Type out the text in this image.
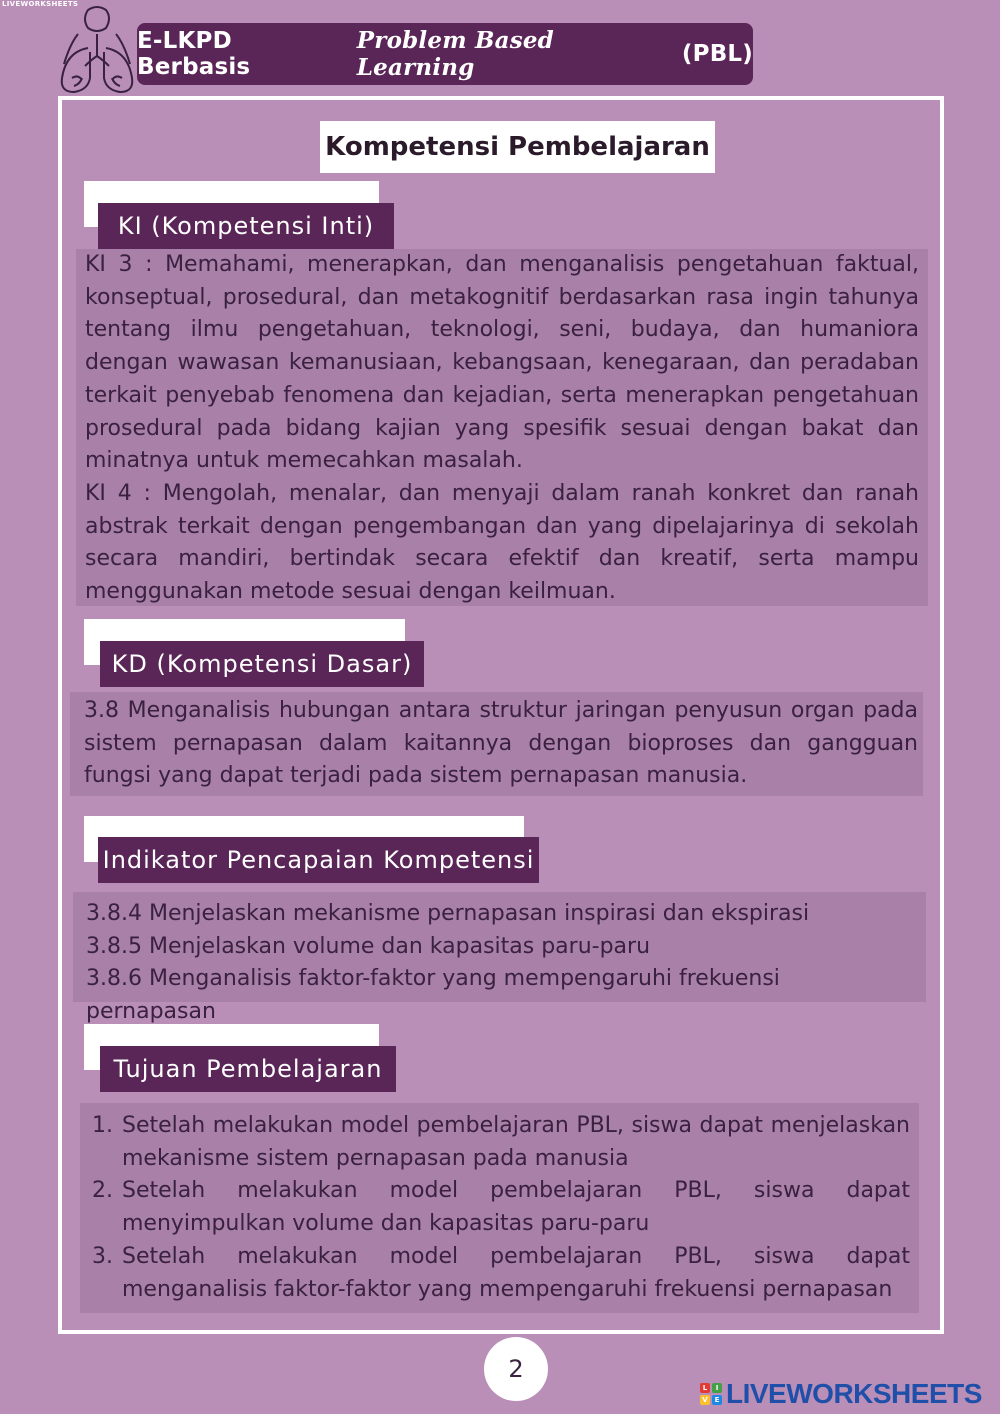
LIVEWORKSHEETS
E-LKPD Berbasis
Problem Based Learning	(PBL)
Kompetensi Pembelajaran
KI (Kompetensi Inti)

KI 3 : Memahami, menerapkan, dan menganalisis pengetahuan faktual, konseptual, prosedural, dan metakognitif berdasarkan rasa ingin tahunya tentang ilmu pengetahuan, teknologi, seni, budaya, dan humaniora dengan wawasan kemanusiaan, kebangsaan, kenegaraan, dan peradaban terkait penyebab fenomena dan kejadian, serta menerapkan pengetahuan prosedural pada bidang kajian yang spesifik sesuai dengan bakat dan minatnya untuk memecahkan masalah.

KI 4 : Mengolah, menalar, dan menyaji dalam ranah konkret dan ranah abstrak terkait dengan pengembangan dan yang dipelajarinya di sekolah secara mandiri, bertindak secara efektif dan kreatif, serta mampu menggunakan metode sesuai dengan keilmuan.

KD (Kompetensi Dasar)

3.8 Menganalisis hubungan antara struktur jaringan penyusun organ pada sistem pernapasan dalam kaitannya dengan bioproses dan gangguan fungsi yang dapat terjadi pada sistem pernapasan manusia.

Indikator Pencapaian Kompetensi

3.8.4 Menjelaskan mekanisme pernapasan inspirasi dan ekspirasi

3.8.5 Menjelaskan volume dan kapasitas paru-paru

3.8.6 Menganalisis faktor-faktor yang mempengaruhi frekuensi pernapasan

Tujuan Pembelajaran
1. Setelah melakukan model pembelajaran PBL, siswa dapat menjelaskan mekanisme sistem pernapasan pada manusia
2. Setelah melakukan model pembelajaran PBL, siswa dapat menyimpulkan volume dan kapasitas paru-paru
3. Setelah melakukan model pembelajaran PBL, siswa dapat menganalisis faktor-faktor yang mempengaruhi frekuensi pernapasan
2
L	I
V E LIVEWORKSHEETS
